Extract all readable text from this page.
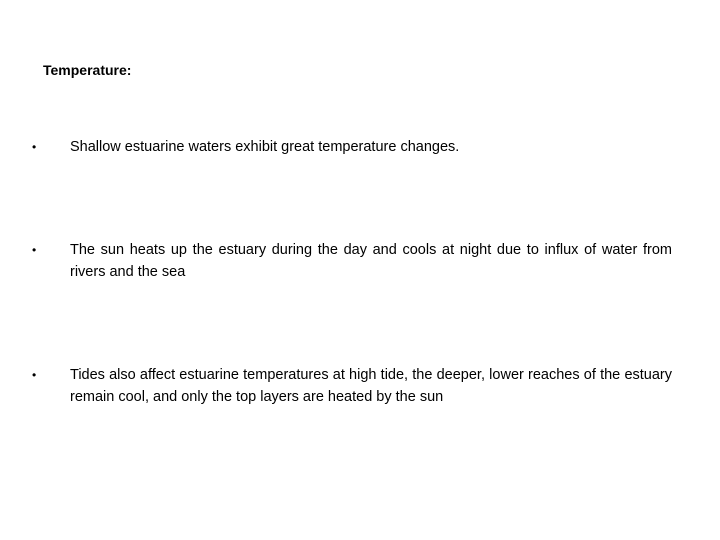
Temperature:
• Shallow estuarine waters exhibit great temperature changes.
• The sun heats up the estuary during the day and cools at night due to influx of water from rivers and the sea
• Tides also affect estuarine temperatures at high tide, the deeper, lower reaches of the estuary remain cool, and only the top layers are heated by the sun
